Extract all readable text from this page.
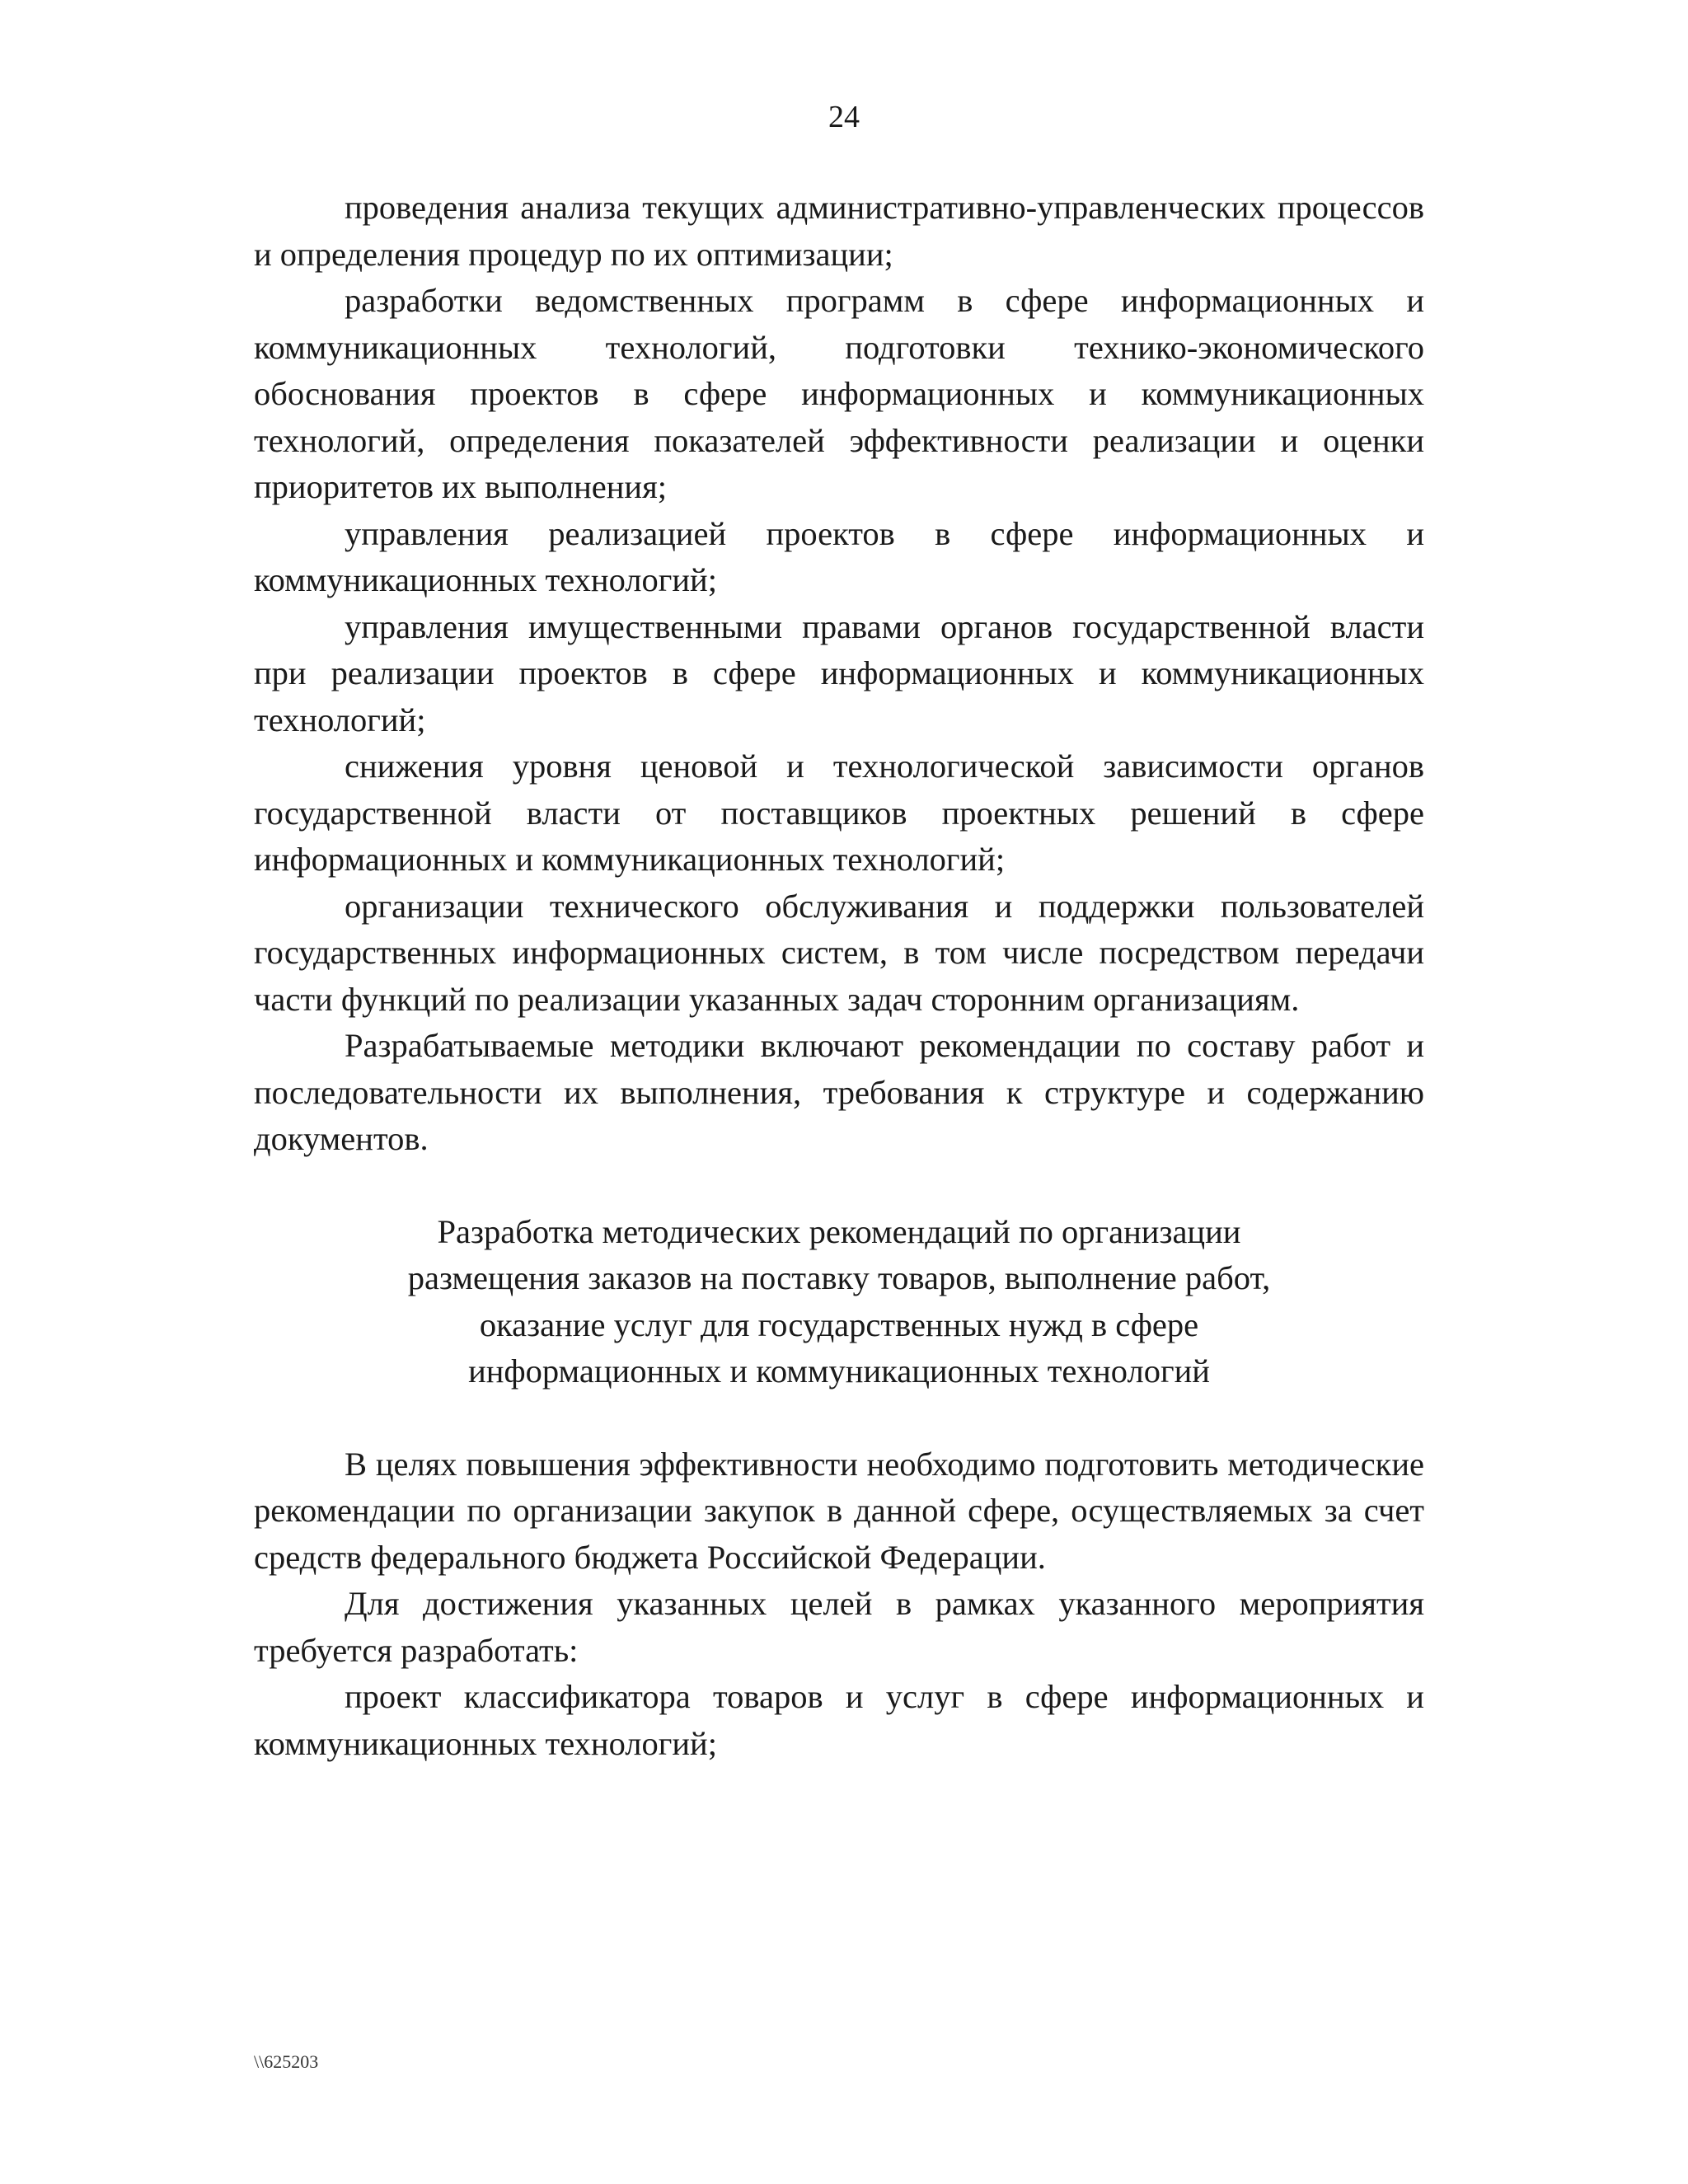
24

проведения анализа текущих административно-управленческих процессов и определения процедур по их оптимизации;

разработки ведомственных программ в сфере информационных и коммуникационных технологий, подготовки технико-экономического обоснования проектов в сфере информационных и коммуникационных технологий, определения показателей эффективности реализации и оценки приоритетов их выполнения;

управления реализацией проектов в сфере информационных и коммуникационных технологий;

управления имущественными правами органов государственной власти при реализации проектов в сфере информационных и коммуникационных технологий;

снижения уровня ценовой и технологической зависимости органов государственной власти от поставщиков проектных решений в сфере информационных и коммуникационных технологий;

организации технического обслуживания и поддержки пользователей государственных информационных систем, в том числе посредством передачи части функций по реализации указанных задач сторонним организациям.

Разрабатываемые методики включают рекомендации по составу работ и последовательности их выполнения, требования к структуре и содержанию документов.

Разработка методических рекомендаций по организации
размещения заказов на поставку товаров, выполнение работ,
оказание услуг для государственных нужд в сфере
информационных и коммуникационных технологий

В целях повышения эффективности необходимо подготовить методические рекомендации по организации закупок в данной сфере, осуществляемых за счет средств федерального бюджета Российской Федерации.

Для достижения указанных целей в рамках указанного мероприятия требуется разработать:

проект классификатора товаров и услуг в сфере информационных и коммуникационных технологий;

\\625203
